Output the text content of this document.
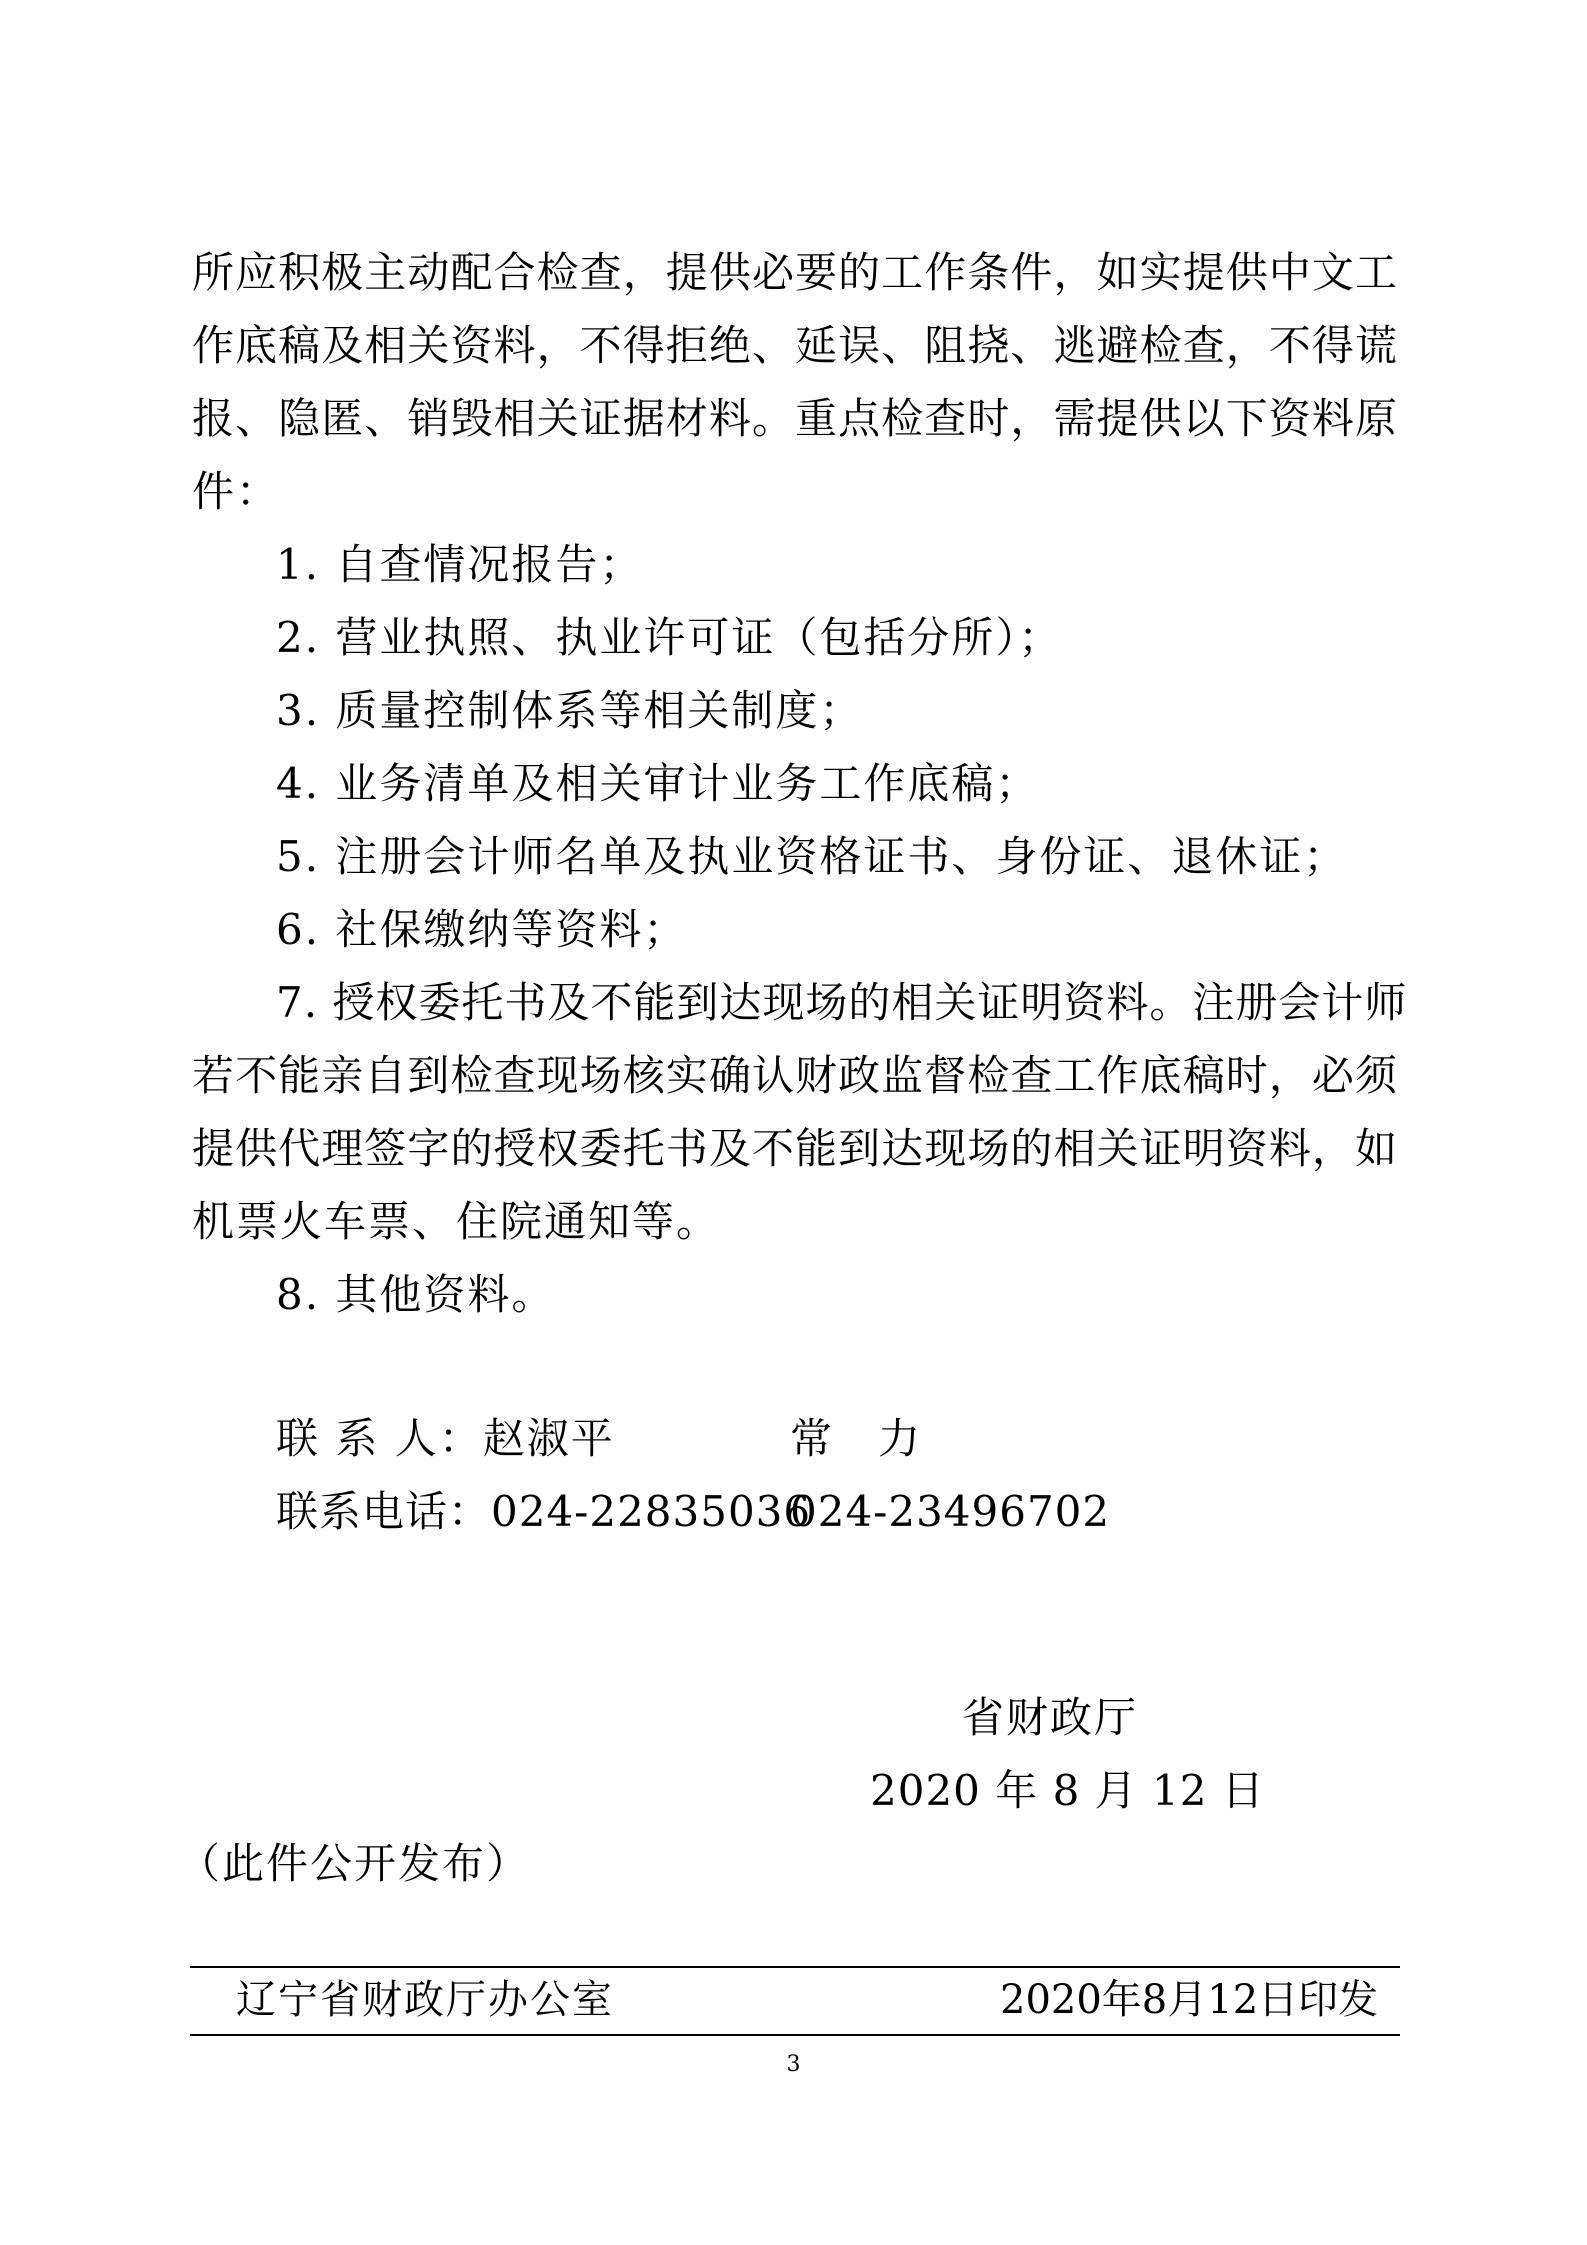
所应积极主动配合检查，提供必要的工作条件，如实提供中文工
作底稿及相关资料，不得拒绝、延误、阻挠、逃避检查，不得谎
报、隐匿、销毁相关证据材料。重点检查时，需提供以下资料原
件：
1. 自查情况报告；
2. 营业执照、执业许可证（包括分所）；
3. 质量控制体系等相关制度；
4. 业务清单及相关审计业务工作底稿；
5. 注册会计师名单及执业资格证书、身份证、退休证；
6. 社保缴纳等资料；
7. 授权委托书及不能到达现场的相关证明资料。注册会计师
若不能亲自到检查现场核实确认财政监督检查工作底稿时，必须
提供代理签字的授权委托书及不能到达现场的相关证明资料，如
机票火车票、住院通知等。
8. 其他资料。
联 系 人：赵淑平	常　力
联系电话：024-22835036
024-23496702
省财政厅
2020 年 8 月 12 日
（此件公开发布）
辽宁省财政厅办公室	2020年8月12日印发
3
